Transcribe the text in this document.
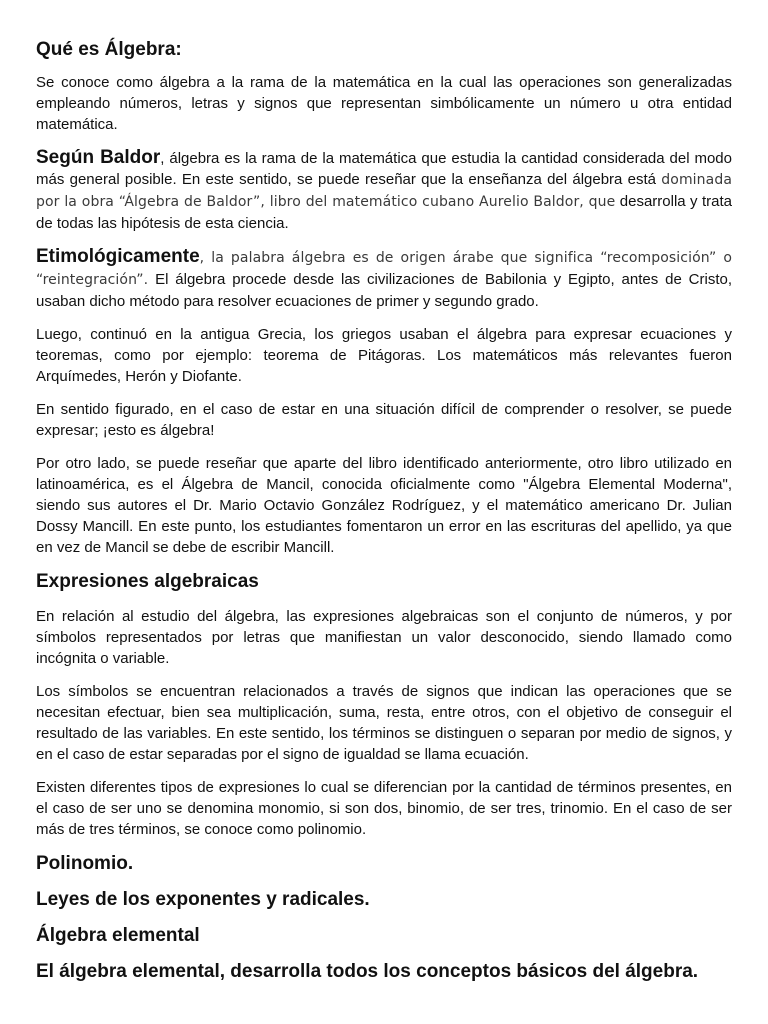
Qué es Álgebra:

Se conoce como álgebra a la rama de la matemática en la cual las operaciones son generalizadas empleando números, letras y signos que representan simbólicamente un número u otra entidad matemática.

Según Baldor, álgebra es la rama de la matemática que estudia la cantidad considerada del modo más general posible. En este sentido, se puede reseñar que la enseñanza del álgebra está dominada por la obra “Álgebra de Baldor”, libro del matemático cubano Aurelio Baldor, que desarrolla y trata de todas las hipótesis de esta ciencia.

Etimológicamente, la palabra álgebra es de origen árabe que significa “recomposición” o “reintegración”. El álgebra procede desde las civilizaciones de Babilonia y Egipto, antes de Cristo, usaban dicho método para resolver ecuaciones de primer y segundo grado.

Luego, continuó en la antigua Grecia, los griegos usaban el álgebra para expresar ecuaciones y teoremas, como por ejemplo: teorema de Pitágoras. Los matemáticos más relevantes fueron Arquímedes, Herón y Diofante.

En sentido figurado, en el caso de estar en una situación difícil de comprender o resolver, se puede expresar; ¡esto es álgebra!

Por otro lado, se puede reseñar que aparte del libro identificado anteriormente, otro libro utilizado en latinoamérica, es el Álgebra de Mancil, conocida oficialmente como "Álgebra Elemental Moderna", siendo sus autores el Dr. Mario Octavio González Rodríguez, y el matemático americano Dr. Julian Dossy Mancill. En este punto, los estudiantes fomentaron un error en las escrituras del apellido, ya que en vez de Mancil se debe de escribir Mancill.

Expresiones algebraicas

En relación al estudio del álgebra, las expresiones algebraicas son el conjunto de números, y por símbolos representados por letras que manifiestan un valor desconocido, siendo llamado como incógnita o variable.

Los símbolos se encuentran relacionados a través de signos que indican las operaciones que se necesitan efectuar, bien sea multiplicación, suma, resta, entre otros, con el objetivo de conseguir el resultado de las variables. En este sentido, los términos se distinguen o separan por medio de signos, y en el caso de estar separadas por el signo de igualdad se llama ecuación.

Existen diferentes tipos de expresiones lo cual se diferencian por la cantidad de términos presentes, en el caso de ser uno se denomina monomio, si son dos, binomio, de ser tres, trinomio. En el caso de ser más de tres términos, se conoce como polinomio.

Polinomio.
Leyes de los exponentes y radicales.
Álgebra elemental
El álgebra elemental, desarrolla todos los conceptos básicos del álgebra.
